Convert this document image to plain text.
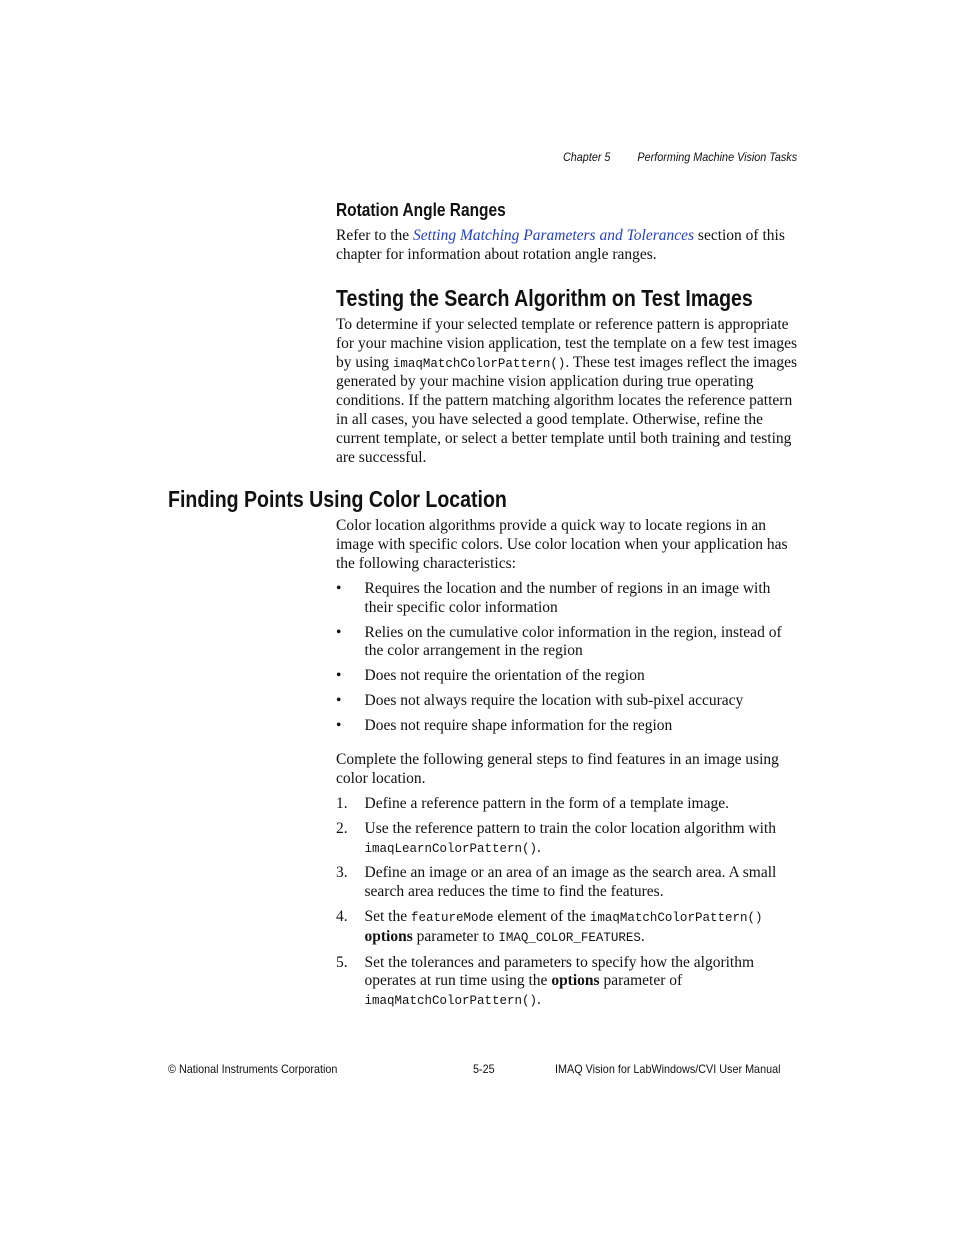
Chapter 5 Performing Machine Vision Tasks
Rotation Angle Ranges

Refer to the Setting Matching Parameters and Tolerances section of this chapter for information about rotation angle ranges.

Testing the Search Algorithm on Test Images

To determine if your selected template or reference pattern is appropriate for your machine vision application, test the template on a few test images by using imaqMatchColorPattern(). These test images reflect the images generated by your machine vision application during true operating conditions. If the pattern matching algorithm locates the reference pattern in all cases, you have selected a good template. Otherwise, refine the current template, or select a better template until both training and testing are successful.

Finding Points Using Color Location

Color location algorithms provide a quick way to locate regions in an image with specific colors. Use color location when your application has the following characteristics:

• Requires the location and the number of regions in an image with their specific color information
• Relies on the cumulative color information in the region, instead of the color arrangement in the region
• Does not require the orientation of the region
• Does not always require the location with sub-pixel accuracy
• Does not require shape information for the region

Complete the following general steps to find features in an image using color location.

1. Define a reference pattern in the form of a template image.
2. Use the reference pattern to train the color location algorithm with imaqLearnColorPattern().
3. Define an image or an area of an image as the search area. A small search area reduces the time to find the features.
4. Set the featureMode element of the imaqMatchColorPattern() options parameter to IMAQ_COLOR_FEATURES.
5. Set the tolerances and parameters to specify how the algorithm operates at run time using the options parameter of imaqMatchColorPattern().
© National Instruments Corporation	5-25	IMAQ Vision for LabWindows/CVI User Manual
